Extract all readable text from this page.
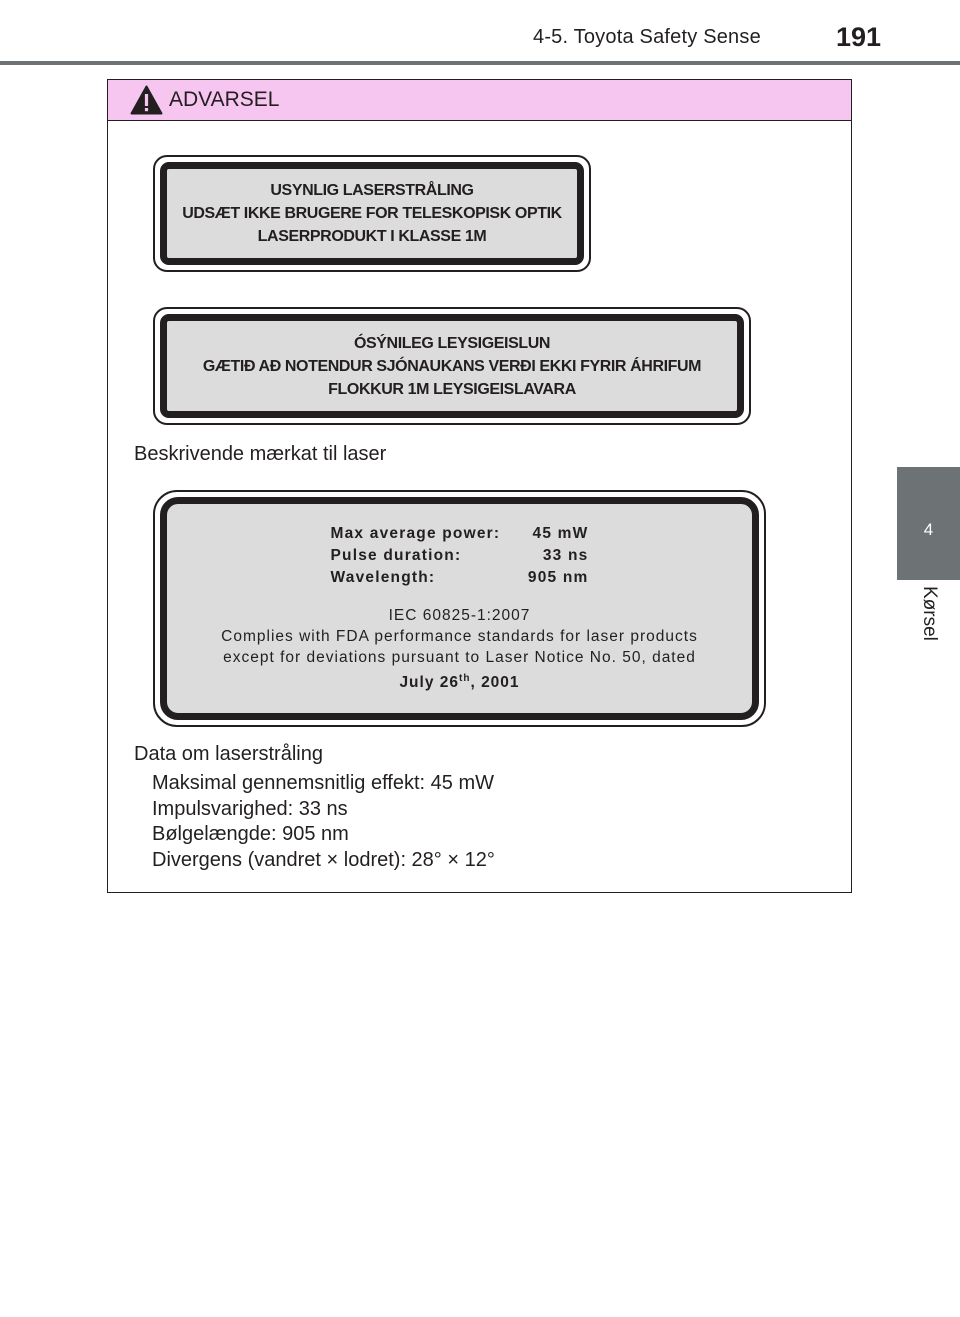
4-5. Toyota Safety Sense	191
4
Kørsel
ADVARSEL
USYNLIG LASERSTRÅLING
UDSÆT IKKE BRUGERE FOR TELESKOPISK OPTIK
LASERPRODUKT I KLASSE 1M
ÓSÝNILEG LEYSIGEISLUN
GÆTIÐ AÐ NOTENDUR SJÓNAUKANS VERÐI EKKI FYRIR ÁHRIFUM
FLOKKUR 1M LEYSIGEISLAVARA
Beskrivende mærkat til laser
Max average power:	45 mW
Pulse duration:	33 ns
Wavelength:	905 nm
IEC 60825-1:2007
Complies with FDA performance standards for laser products
except for deviations pursuant to Laser Notice No. 50, dated
July 26th, 2001
Data om laserstråling
Maksimal gennemsnitlig effekt: 45 mW
Impulsvarighed: 33 ns
Bølgelængde: 905 nm
Divergens (vandret × lodret): 28° × 12°
